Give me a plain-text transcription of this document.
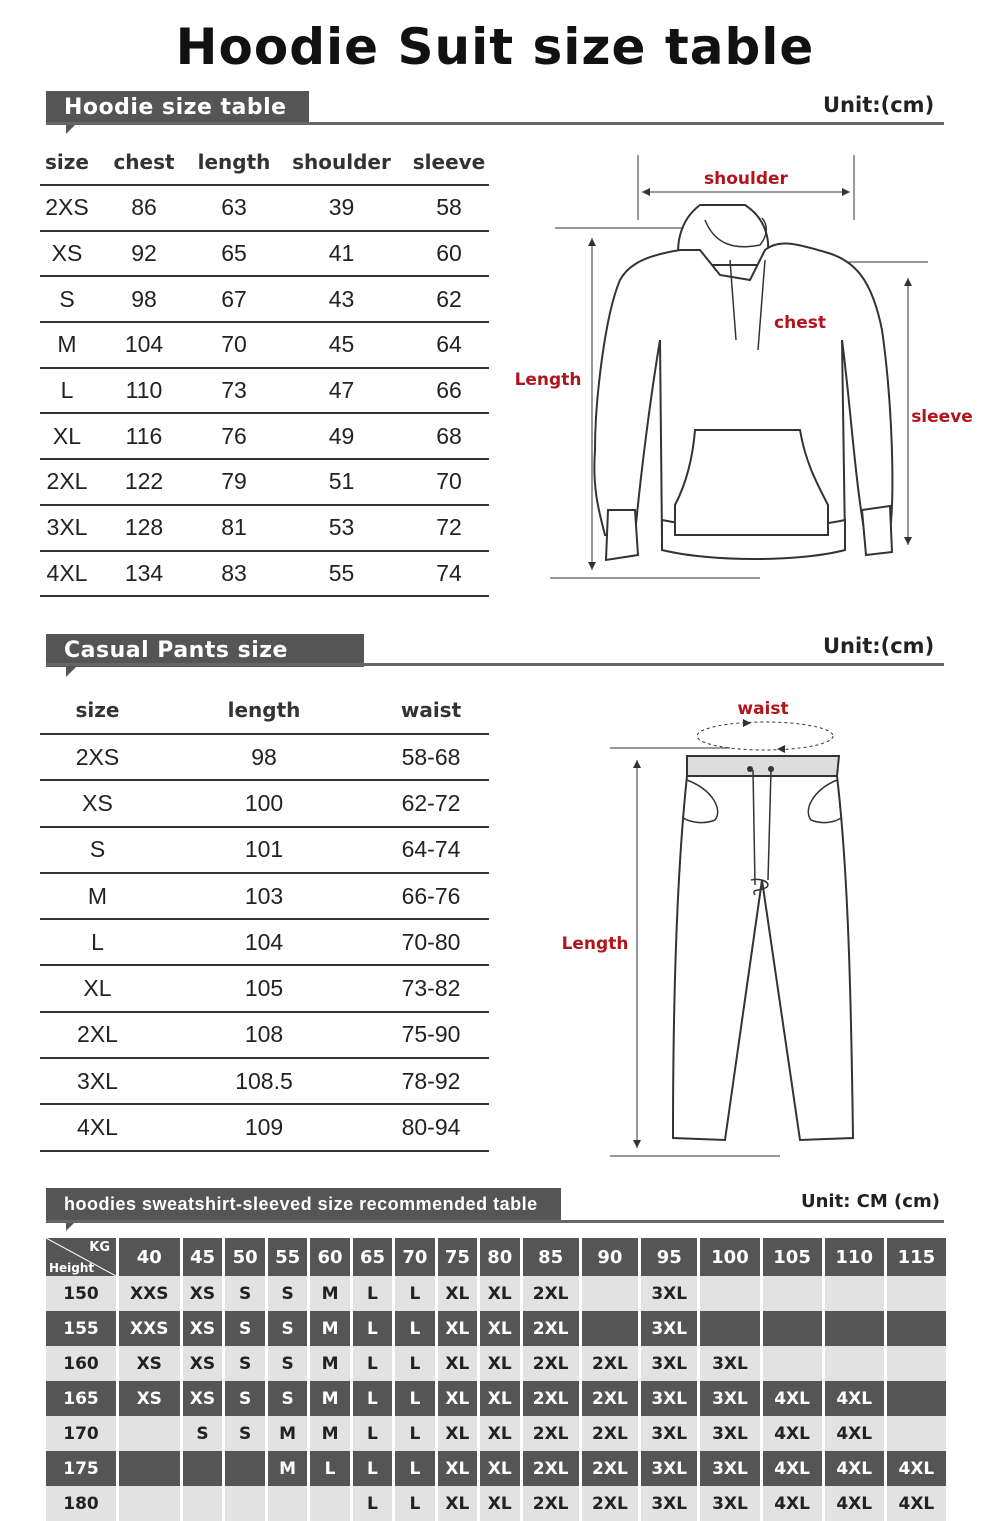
Hoodie Suit size table
Hoodie size table	Unit:(cm)
size	chest	length	shoulder	sleeve
2XS	86	63	39	58
XS	92	65	41	60
S	98	67	43	62
M	104	70	45	64
L	110	73	47	66
XL	116	76	49	68
2XL	122	79	51	70
3XL	128	81	53	72
4XL	134	83	55	74
shoulder
chest
Length
sleeve
Casual Pants size table
Unit:(cm)
size	length	waist
2XS	98	58-68
XS	100	62-72
S	101	64-74
M	103	66-76
L	104	70-80
XL	105	73-82
2XL	108	75-90
3XL	108.5	78-92
4XL	109	80-94
waist
Length
hoodies sweatshirt-sleeved size recommended table	Unit: CM (cm)
KG
Height	40	45	50	55	60	65	70	75	80	85	90	95	100	105	110	115
150	XXS	XS	S	S	M	L	L	XL	XL	2XL		3XL				
155	XXS	XS	S	S	M	L	L	XL	XL	2XL		3XL				
160	XS	XS	S	S	M	L	L	XL	XL	2XL	2XL	3XL	3XL			
165	XS	XS	S	S	M	L	L	XL	XL	2XL	2XL	3XL	3XL	4XL	4XL	
170		S	S	M	M	L	L	XL	XL	2XL	2XL	3XL	3XL	4XL	4XL	
175				M	L	L	L	XL	XL	2XL	2XL	3XL	3XL	4XL	4XL	4XL
180						L	L	XL	XL	2XL	2XL	3XL	3XL	4XL	4XL	4XL
